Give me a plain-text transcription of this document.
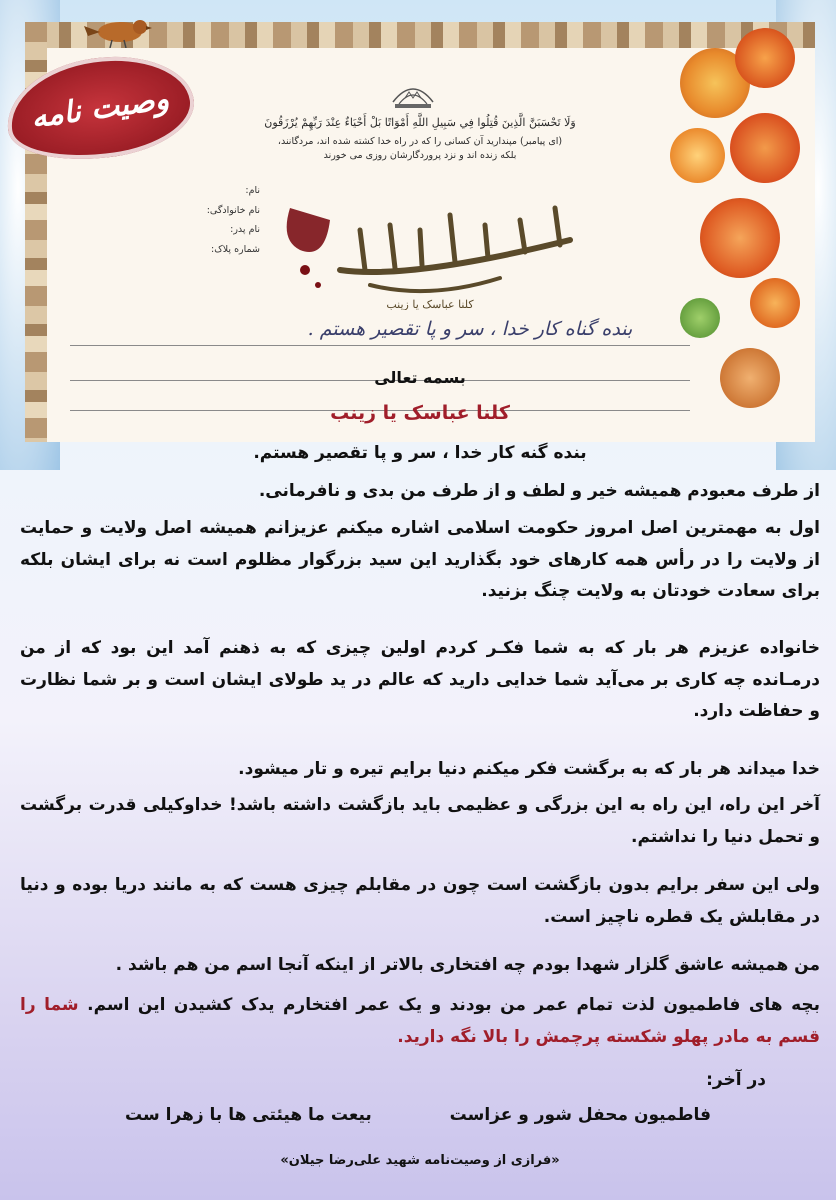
وصیت نامه	وَلَا تَحْسَبَنَّ الَّذِينَ قُتِلُوا فِي سَبِيلِ اللَّهِ أَمْوَاتًا بَلْ أَحْيَاءٌ عِنْدَ رَبِّهِمْ يُرْزَقُونَ
(ای پیامبر) مپندارید آن کسانی را که در راه خدا کشته شده اند، مردگانند،
بلکه زنده اند و نزد پروردگارشان روزی می خورند
نام:
نام خانوادگی:
نام پدر:
شماره پلاک:
کلنا عباسک یا زینب
بنده گناه کار خدا ، سر و پا تقصیر هستم .
بسمه تعالی
کلنا عباسک یا زینب
بنده گنه کار خدا ، سر و پا تقصیر هستم.
از طرف معبودم همیشه خیر و لطف و از طرف من بدی و نافرمانی.
اول به مهمترین اصل امروز حکومت اسلامی اشاره میکنم عزیزانم همیشه اصل ولایت و حمایت از ولایت را در رأس همه کارهای خود بگذارید این سید بزرگوار مظلوم است نه برای ایشان بلکه برای سعادت خودتان به ولایت چنگ بزنید.
خانواده عزیزم هر بار که به شما فکـر کردم اولین چیزی که به ذهنم آمد این بود که از من درمـانده چه کاری بر می‌آید شما خدایی دارید که عالم در ید طولای ایشان است و بر شما نظارت و حفاظت دارد.
خدا میداند هر بار که به برگشت فکر میکنم دنیا برایم تیره و تار میشود.
آخر این راه، این راه به این بزرگی و عظیمی باید بازگشت داشته باشد! خداوکیلی قدرت برگشت و تحمل دنیا را نداشتم.
ولی این سفر برایم بدون بازگشت است چون در مقابلم چیزی هست که به مانند دریا بوده و دنیا در مقابلش یک قطره ناچیز است.
من همیشه عاشق گلزار شهدا بودم چه افتخاری بالاتر از اینکه آنجا اسم من هم باشد .
بچه های فاطمیون لذت تمام عمر من بودند و یک عمر افتخارم یدک کشیدن این اسم. شما را قسم به مادر پهلو شکسته پرچمش را بالا نگه دارید.
در آخر:
فاطمیون محفل شور و عزاست
بیعت ما هیئتی ها با زهرا ست
«فرازی از وصیت‌نامه شهید علی‌رضا جیلان»
